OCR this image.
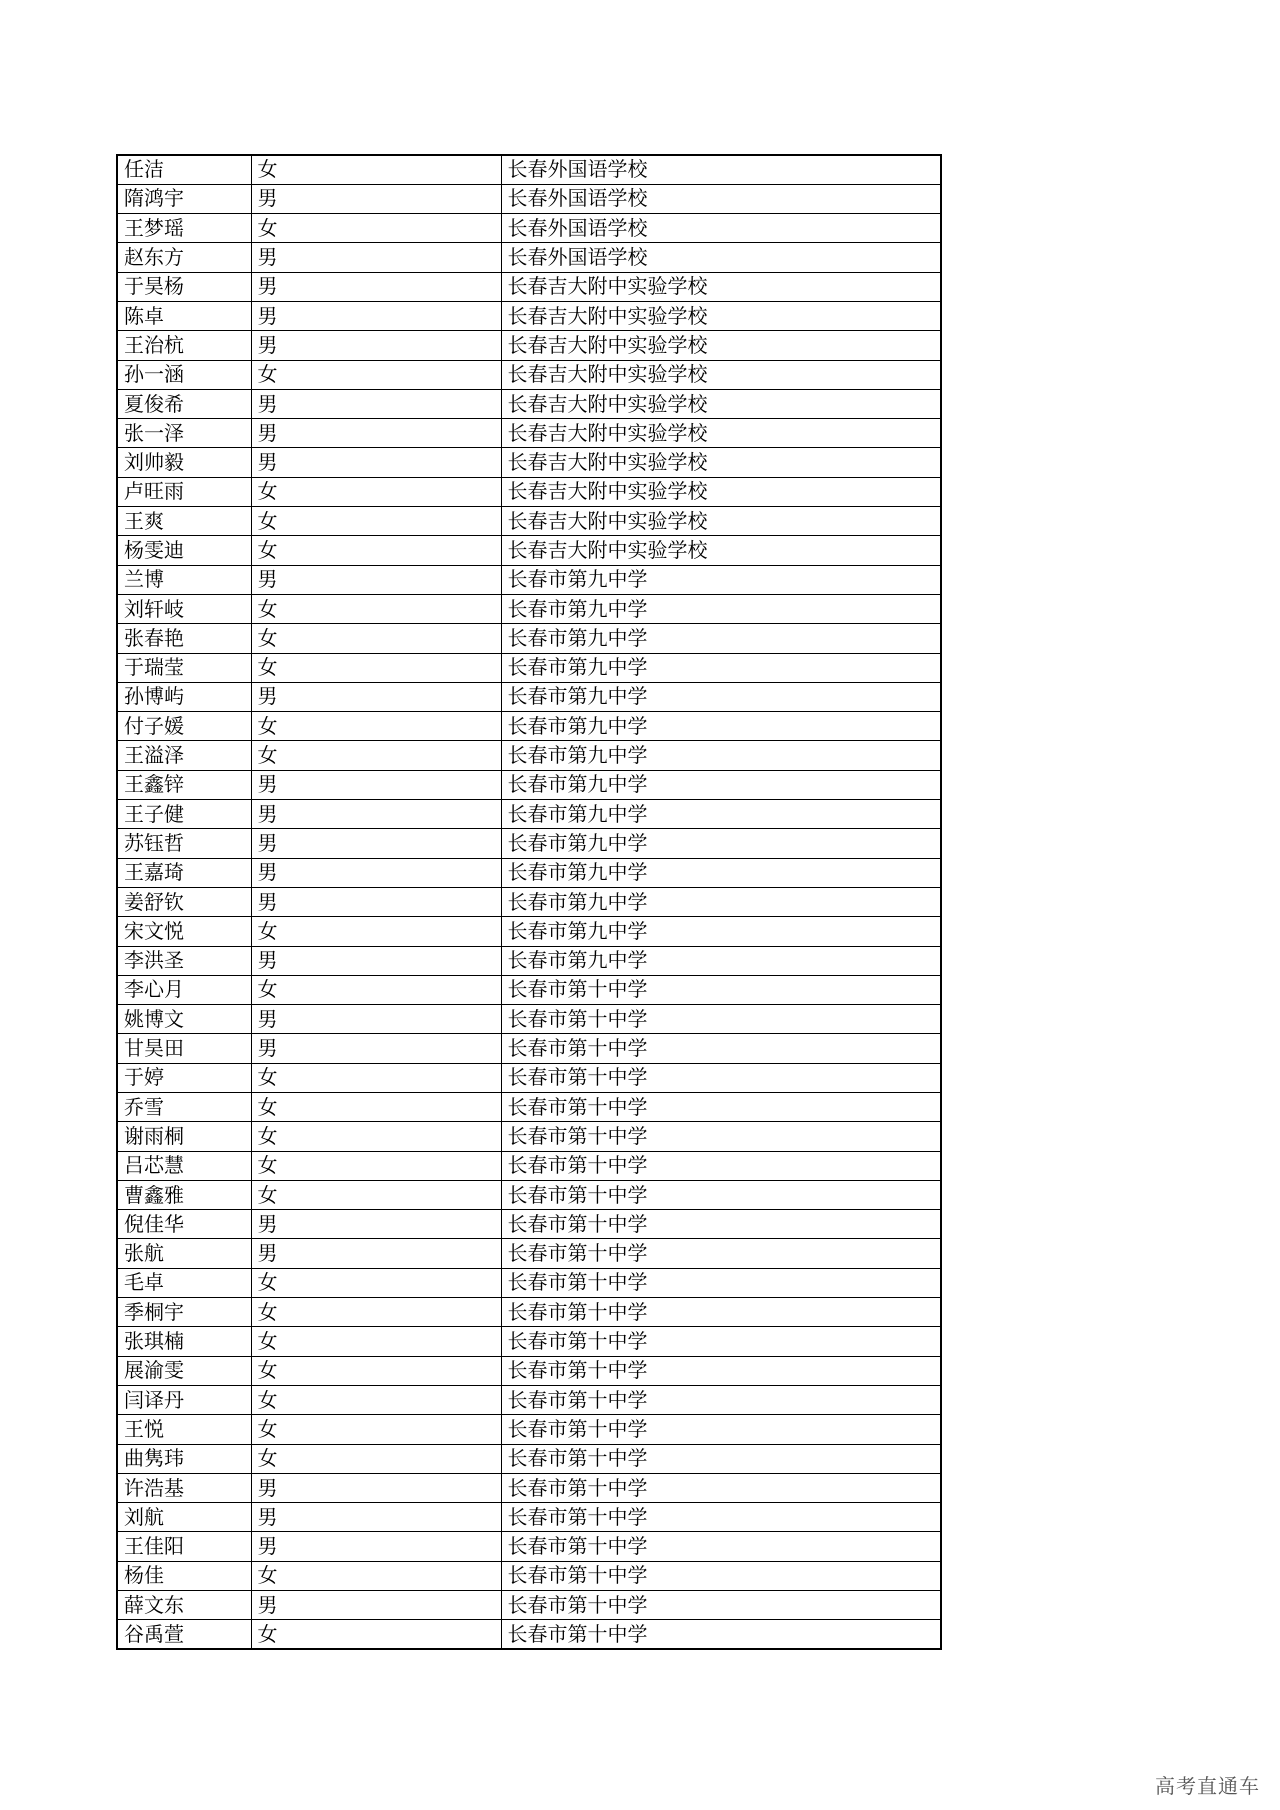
任洁	女	长春外国语学校
隋鸿宇	男	长春外国语学校
王梦瑶	女	长春外国语学校
赵东方	男	长春外国语学校
于昊杨	男	长春吉大附中实验学校
陈卓	男	长春吉大附中实验学校
王治杭	男	长春吉大附中实验学校
孙一涵	女	长春吉大附中实验学校
夏俊希	男	长春吉大附中实验学校
张一泽	男	长春吉大附中实验学校
刘帅毅	男	长春吉大附中实验学校
卢旺雨	女	长春吉大附中实验学校
王爽	女	长春吉大附中实验学校
杨雯迪	女	长春吉大附中实验学校
兰博	男	长春市第九中学
刘轩岐	女	长春市第九中学
张春艳	女	长春市第九中学
于瑞莹	女	长春市第九中学
孙博屿	男	长春市第九中学
付子媛	女	长春市第九中学
王溢泽	女	长春市第九中学
王鑫锌	男	长春市第九中学
王子健	男	长春市第九中学
苏钰哲	男	长春市第九中学
王嘉琦	男	长春市第九中学
姜舒钦	男	长春市第九中学
宋文悦	女	长春市第九中学
李洪圣	男	长春市第九中学
李心月	女	长春市第十中学
姚博文	男	长春市第十中学
甘昊田	男	长春市第十中学
于婷	女	长春市第十中学
乔雪	女	长春市第十中学
谢雨桐	女	长春市第十中学
吕芯慧	女	长春市第十中学
曹鑫雅	女	长春市第十中学
倪佳华	男	长春市第十中学
张航	男	长春市第十中学
毛卓	女	长春市第十中学
季桐宇	女	长春市第十中学
张琪楠	女	长春市第十中学
展渝雯	女	长春市第十中学
闫译丹	女	长春市第十中学
王悦	女	长春市第十中学
曲隽玮	女	长春市第十中学
许浩基	男	长春市第十中学
刘航	男	长春市第十中学
王佳阳	男	长春市第十中学
杨佳	女	长春市第十中学
薛文东	男	长春市第十中学
谷禹萱	女	长春市第十中学
高考直通车
